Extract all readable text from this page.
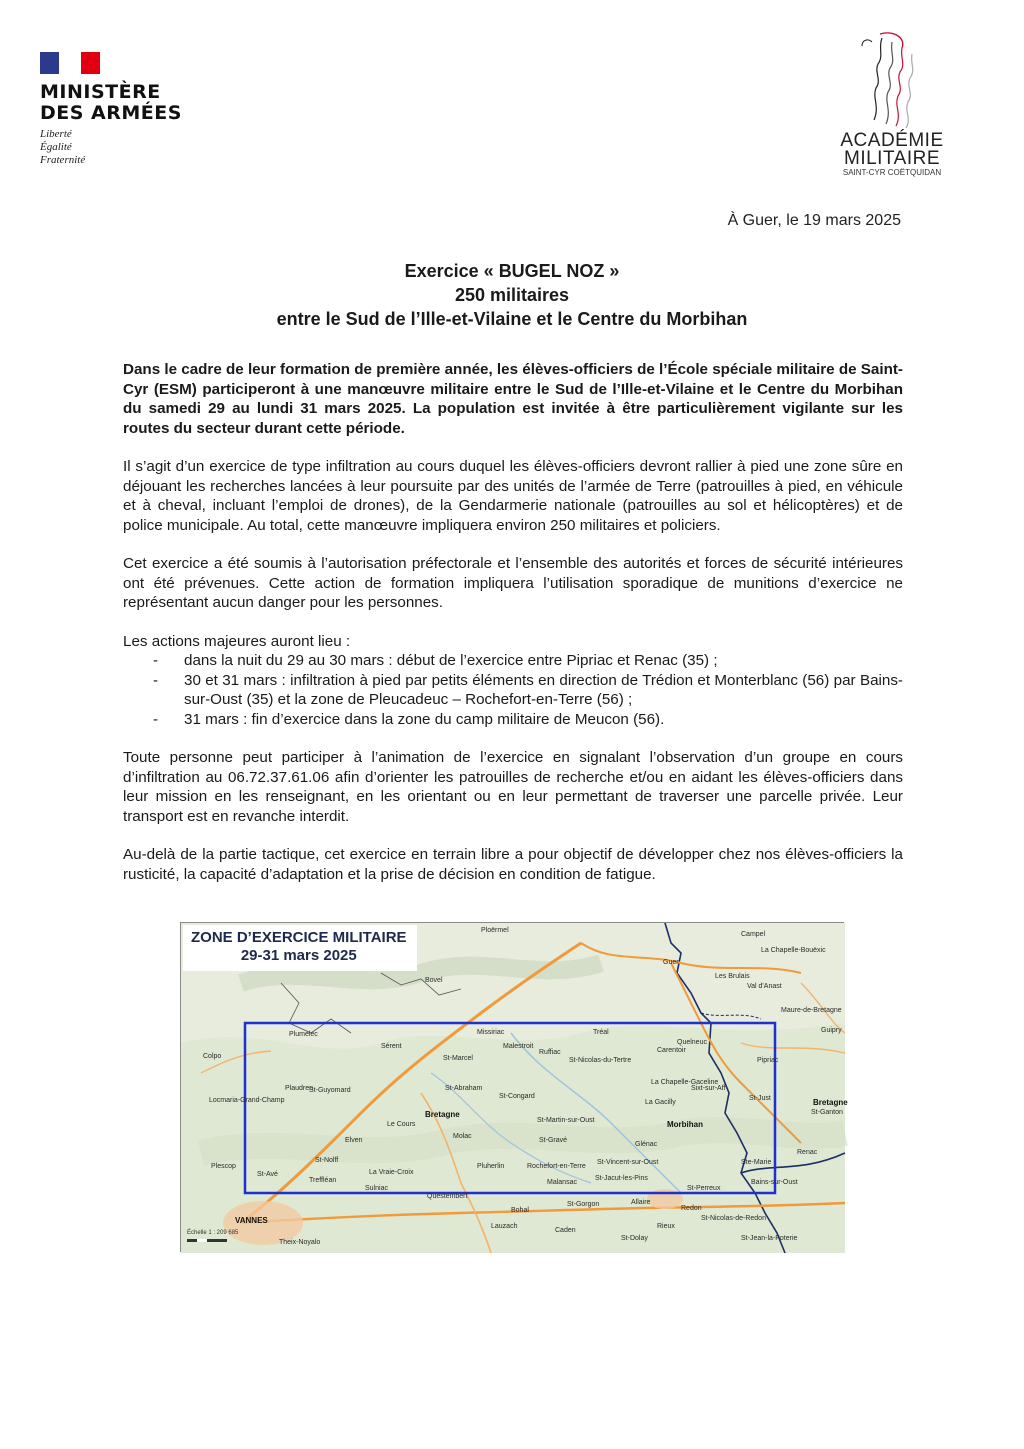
MINISTÈRE
DES ARMÉES
Liberté
Égalité
Fraternité
ACADÉMIE
MILITAIRE
SAINT-CYR COËTQUIDAN
À Guer, le 19 mars 2025
Exercice « BUGEL NOZ »
250 militaires
entre le Sud de l’Ille-et-Vilaine et le Centre du Morbihan

Dans le cadre de leur formation de première année, les élèves-officiers de l’École spéciale militaire de Saint-Cyr (ESM) participeront à une manœuvre militaire entre le Sud de l’Ille-et-Vilaine et le Centre du Morbihan du samedi 29 au lundi 31 mars 2025. La population est invitée à être particulièrement vigilante sur les routes du secteur durant cette période.

Il s’agit d’un exercice de type infiltration au cours duquel les élèves-officiers devront rallier à pied une zone sûre en déjouant les recherches lancées à leur poursuite par des unités de l’armée de Terre (patrouilles à pied, en véhicule et à cheval, incluant l’emploi de drones), de la Gendarmerie nationale (patrouilles au sol et hélicoptères) et de police municipale. Au total, cette manœuvre impliquera environ 250 militaires et policiers.

Cet exercice a été soumis à l’autorisation préfectorale et l’ensemble des autorités et forces de sécurité intérieures ont été prévenues. Cette action de formation impliquera l’utilisation sporadique de munitions d’exercice ne représentant aucun danger pour les personnes.

Les actions majeures auront lieu :

- dans la nuit du 29 au 30 mars : début de l’exercice entre Pipriac et Renac (35) ;
- 30 et 31 mars : infiltration à pied par petits éléments en direction de Trédion et Monterblanc (56) par Bains-sur-Oust (35) et la zone de Pleucadeuc – Rochefort-en-Terre (56) ;
- 31 mars : fin d’exercice dans la zone du camp militaire de Meucon (56).

Toute personne peut participer à l’animation de l’exercice en signalant l’observation d’un groupe en cours d’infiltration au 06.72.37.61.06 afin d’orienter les patrouilles de recherche et/ou en aidant les élèves-officiers dans leur mission en les renseignant, en les orientant ou en leur permettant de traverser une parcelle privée. Leur transport est en revanche interdit.

Au-delà de la partie tactique, cet exercice en terrain libre a pour objectif de développer chez nos élèves-officiers la rusticité, la capacité d’adaptation et la prise de décision en condition de fatigue.

ZONE D’EXERCICE MILITAIRE
29-31 mars 2025
Ploërmel
Guer
Campel
La Chapelle-Bouëxic
Les Brulais
Val d'Anast
Maure-de-Bretagne
Bovel
Malestroit
Missiriac
Sérent
Plumelec
St-Marcel
St-Abraham
St-Congard
Ruffiac
St-Nicolas-du-Tertre
Tréal
Carentoir
Quelneuc
Pipriac
La Chapelle-Gaceline
St-Guyomard
Bretagne
Bretagne
Morbihan
La Gacilly
Sixt-sur-Aff
St-Just
St-Ganton
Guipry
Colpo
Locmaria-Grand-Champ
Plaudren
Elven
Le Cours
Molac
St-Martin-sur-Oust
St-Gravé
Glénac
St-Vincent-sur-Oust
Pluherlin	Rochefort-en-Terre
St-Jacut-les-Pins
Malansac
St-Nolff
Treffléan
La Vraie-Croix
Sulniac
Questembert
Plescop
St-Avé
VANNES
Theix-Noyalo
Redon
Allaire
St-Perreux
Bains-sur-Oust
St-Nicolas-de-Redon
St-Dolay
Caden
St-Gorgon
Ste-Marie
Renac
Lauzach
Bohal
Rieux
St-Jean-la-Poterie
Échelle 1 : 209 685
